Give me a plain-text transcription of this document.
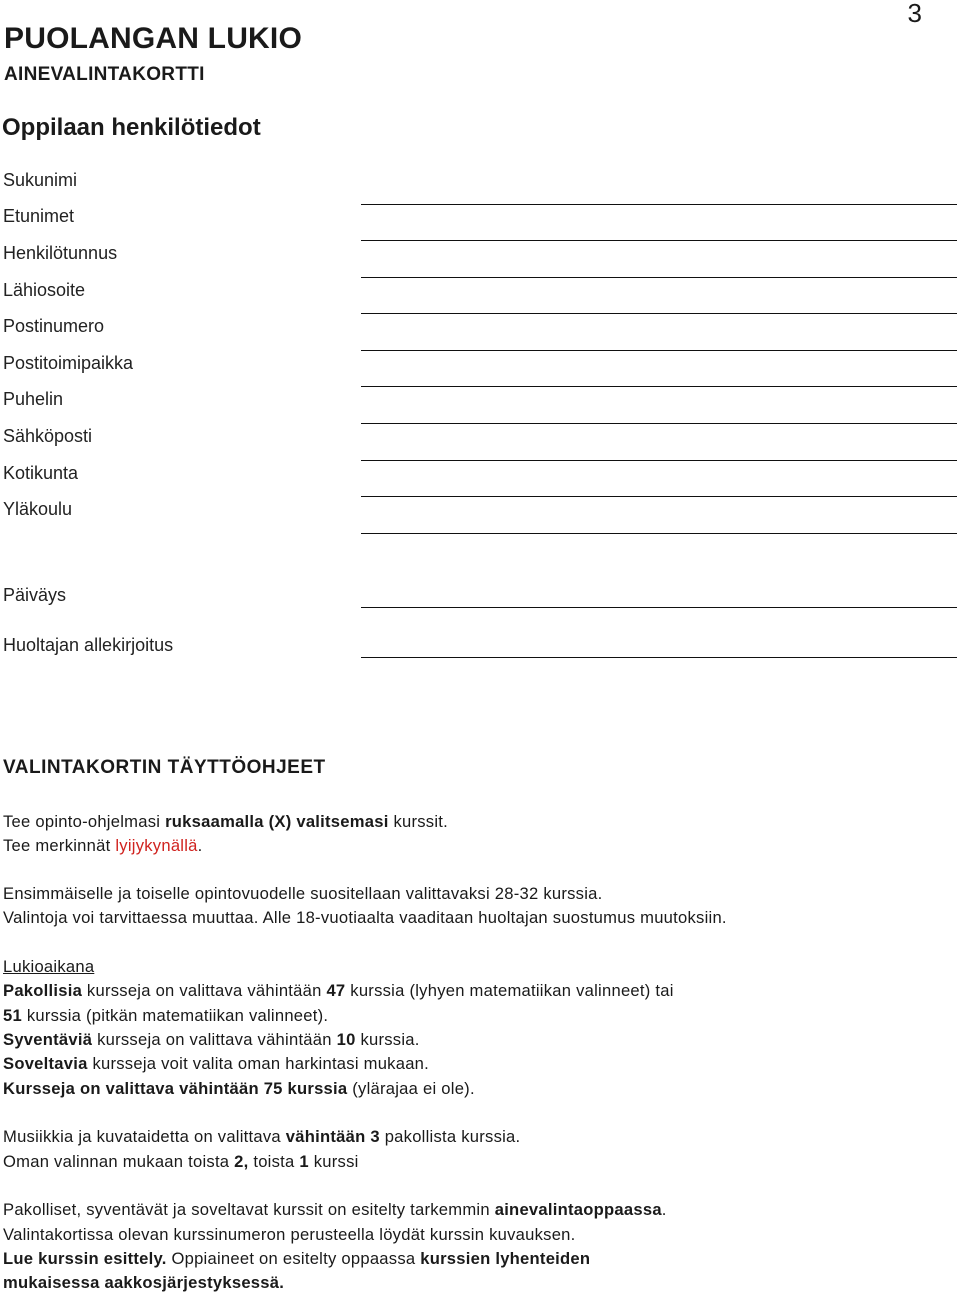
3
PUOLANGAN LUKIO
AINEVALINTAKORTTI
Oppilaan henkilötiedot
Sukunimi
Etunimet
Henkilötunnus
Lähiosoite
Postinumero
Postitoimipaikka
Puhelin
Sähköposti
Kotikunta
Yläkoulu
Päiväys
Huoltajan allekirjoitus
VALINTAKORTIN TÄYTTÖOHJEET
Tee opinto-ohjelmasi ruksaamalla (X) valitsemasi kurssit.
Tee merkinnät lyijykynällä.
Ensimmäiselle ja toiselle opintovuodelle suositellaan valittavaksi 28-32 kurssia.
Valintoja voi tarvittaessa muuttaa. Alle 18-vuotiaalta vaaditaan huoltajan suostumus muutoksiin.
Lukioaikana
Pakollisia kursseja on valittava vähintään 47 kurssia (lyhyen matematiikan valinneet) tai
51 kurssia (pitkän matematiikan valinneet).
Syventäviä kursseja on valittava vähintään 10 kurssia.
Soveltavia kursseja voit valita oman harkintasi mukaan.
Kursseja on valittava vähintään 75 kurssia (ylärajaa ei ole).
Musiikkia ja kuvataidetta on valittava vähintään 3 pakollista kurssia.
Oman valinnan mukaan toista 2, toista 1 kurssi
Pakolliset, syventävät ja soveltavat kurssit on esitelty tarkemmin ainevalintaoppaassa.
Valintakortissa olevan kurssinumeron perusteella löydät kurssin kuvauksen.
Lue kurssin esittely. Oppiaineet on esitelty oppaassa kurssien lyhenteiden
mukaisessa aakkosjärjestyksessä.
